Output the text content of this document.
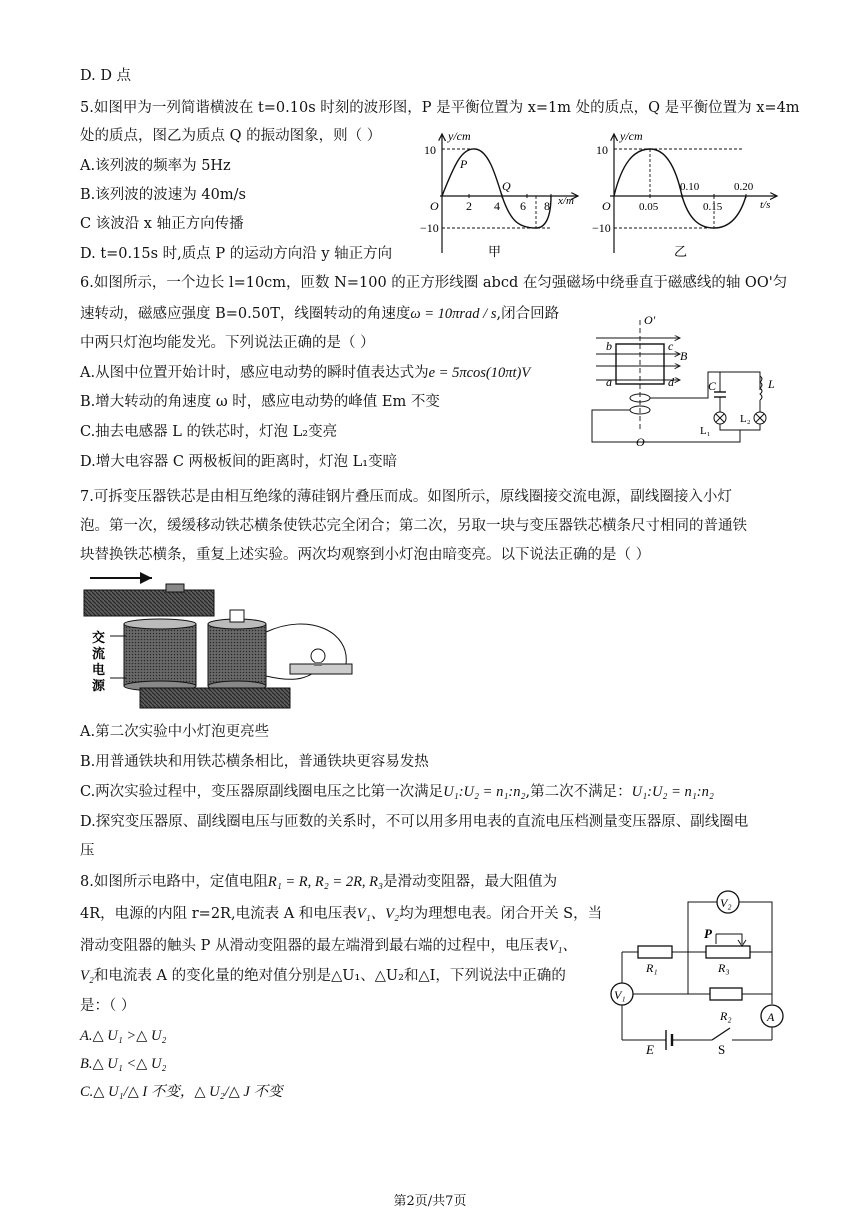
D. D 点
5.如图甲为一列简谐横波在 t=0.10s 时刻的波形图，P 是平衡位置为 x=1m 处的质点，Q 是平衡位置为 x=4m
处的质点，图乙为质点 Q 的振动图象，则（ ）
A.该列波的频率为 5Hz
B.该列波的波速为 40m/s
C 该波沿 x 轴正方向传播
D. t=0.15s 时,质点 P 的运动方向沿 y 轴正方向
6.如图所示，一个边长 l=10cm，匝数 N=100 的正方形线圈 abcd 在匀强磁场中绕垂直于磁感线的轴 OO'匀
速转动，磁感应强度 B=0.50T，线圈转动的角速度ω = 10πrad / s,闭合回路
中两只灯泡均能发光。下列说法正确的是（ ）
A.从图中位置开始计时，感应电动势的瞬时值表达式为e = 5πcos(10πt)V
B.增大转动的角速度 ω 时，感应电动势的峰值 Em 不变
C.抽去电感器 L 的铁芯时，灯泡 L₂变亮
D.增大电容器 C 两极板间的距离时，灯泡 L₁变暗
7.可拆变压器铁芯是由相互绝缘的薄硅钢片叠压而成。如图所示，原线圈接交流电源，副线圈接入小灯
泡。第一次，缓缓移动铁芯横条使铁芯完全闭合；第二次，另取一块与变压器铁芯横条尺寸相同的普通铁
块替换铁芯横条，重复上述实验。两次均观察到小灯泡由暗变亮。以下说法正确的是（ ）
A.第二次实验中小灯泡更亮些
B.用普通铁块和用铁芯横条相比，普通铁块更容易发热
C.两次实验过程中，变压器原副线圈电压之比第一次满足U₁:U₂ = n₁:n₂,第二次不满足：U₁:U₂ = n₁:n₂
D.探究变压器原、副线圈电压与匝数的关系时，不可以用多用电表的直流电压档测量变压器原、副线圈电
压
8.如图所示电路中，定值电阻R₁ = R, R₂ = 2R, R₃是滑动变阻器，最大阻值为
4R，电源的内阻 r=2R,电流表 A 和电压表V₁、V₂均为理想电表。闭合开关 S，当
滑动变阻器的触头 P 从滑动变阻器的最左端滑到最右端的过程中，电压表V₁、
V₂和电流表 A 的变化量的绝对值分别是△U₁、△U₂和△I，下列说法中正确的
是：（ ）
A.△ U₁ >△ U₂
B.△ U₁ <△ U₂
C.△ U₁/△ I 不变，△ U₂/△ J 不变
y/cm
x/m
10
−10
O 2 4 6 8
P
Q
甲
y/cm
t/s
10
−10
O	0.05
0.10
0.15
0.20
乙
O'
O
b	c
a	d
B
C	L
L₁
L₂
交
流
电
源
V₂
P
R₁	R₃
V₁
R₂	A
E	S
第2页/共7页
